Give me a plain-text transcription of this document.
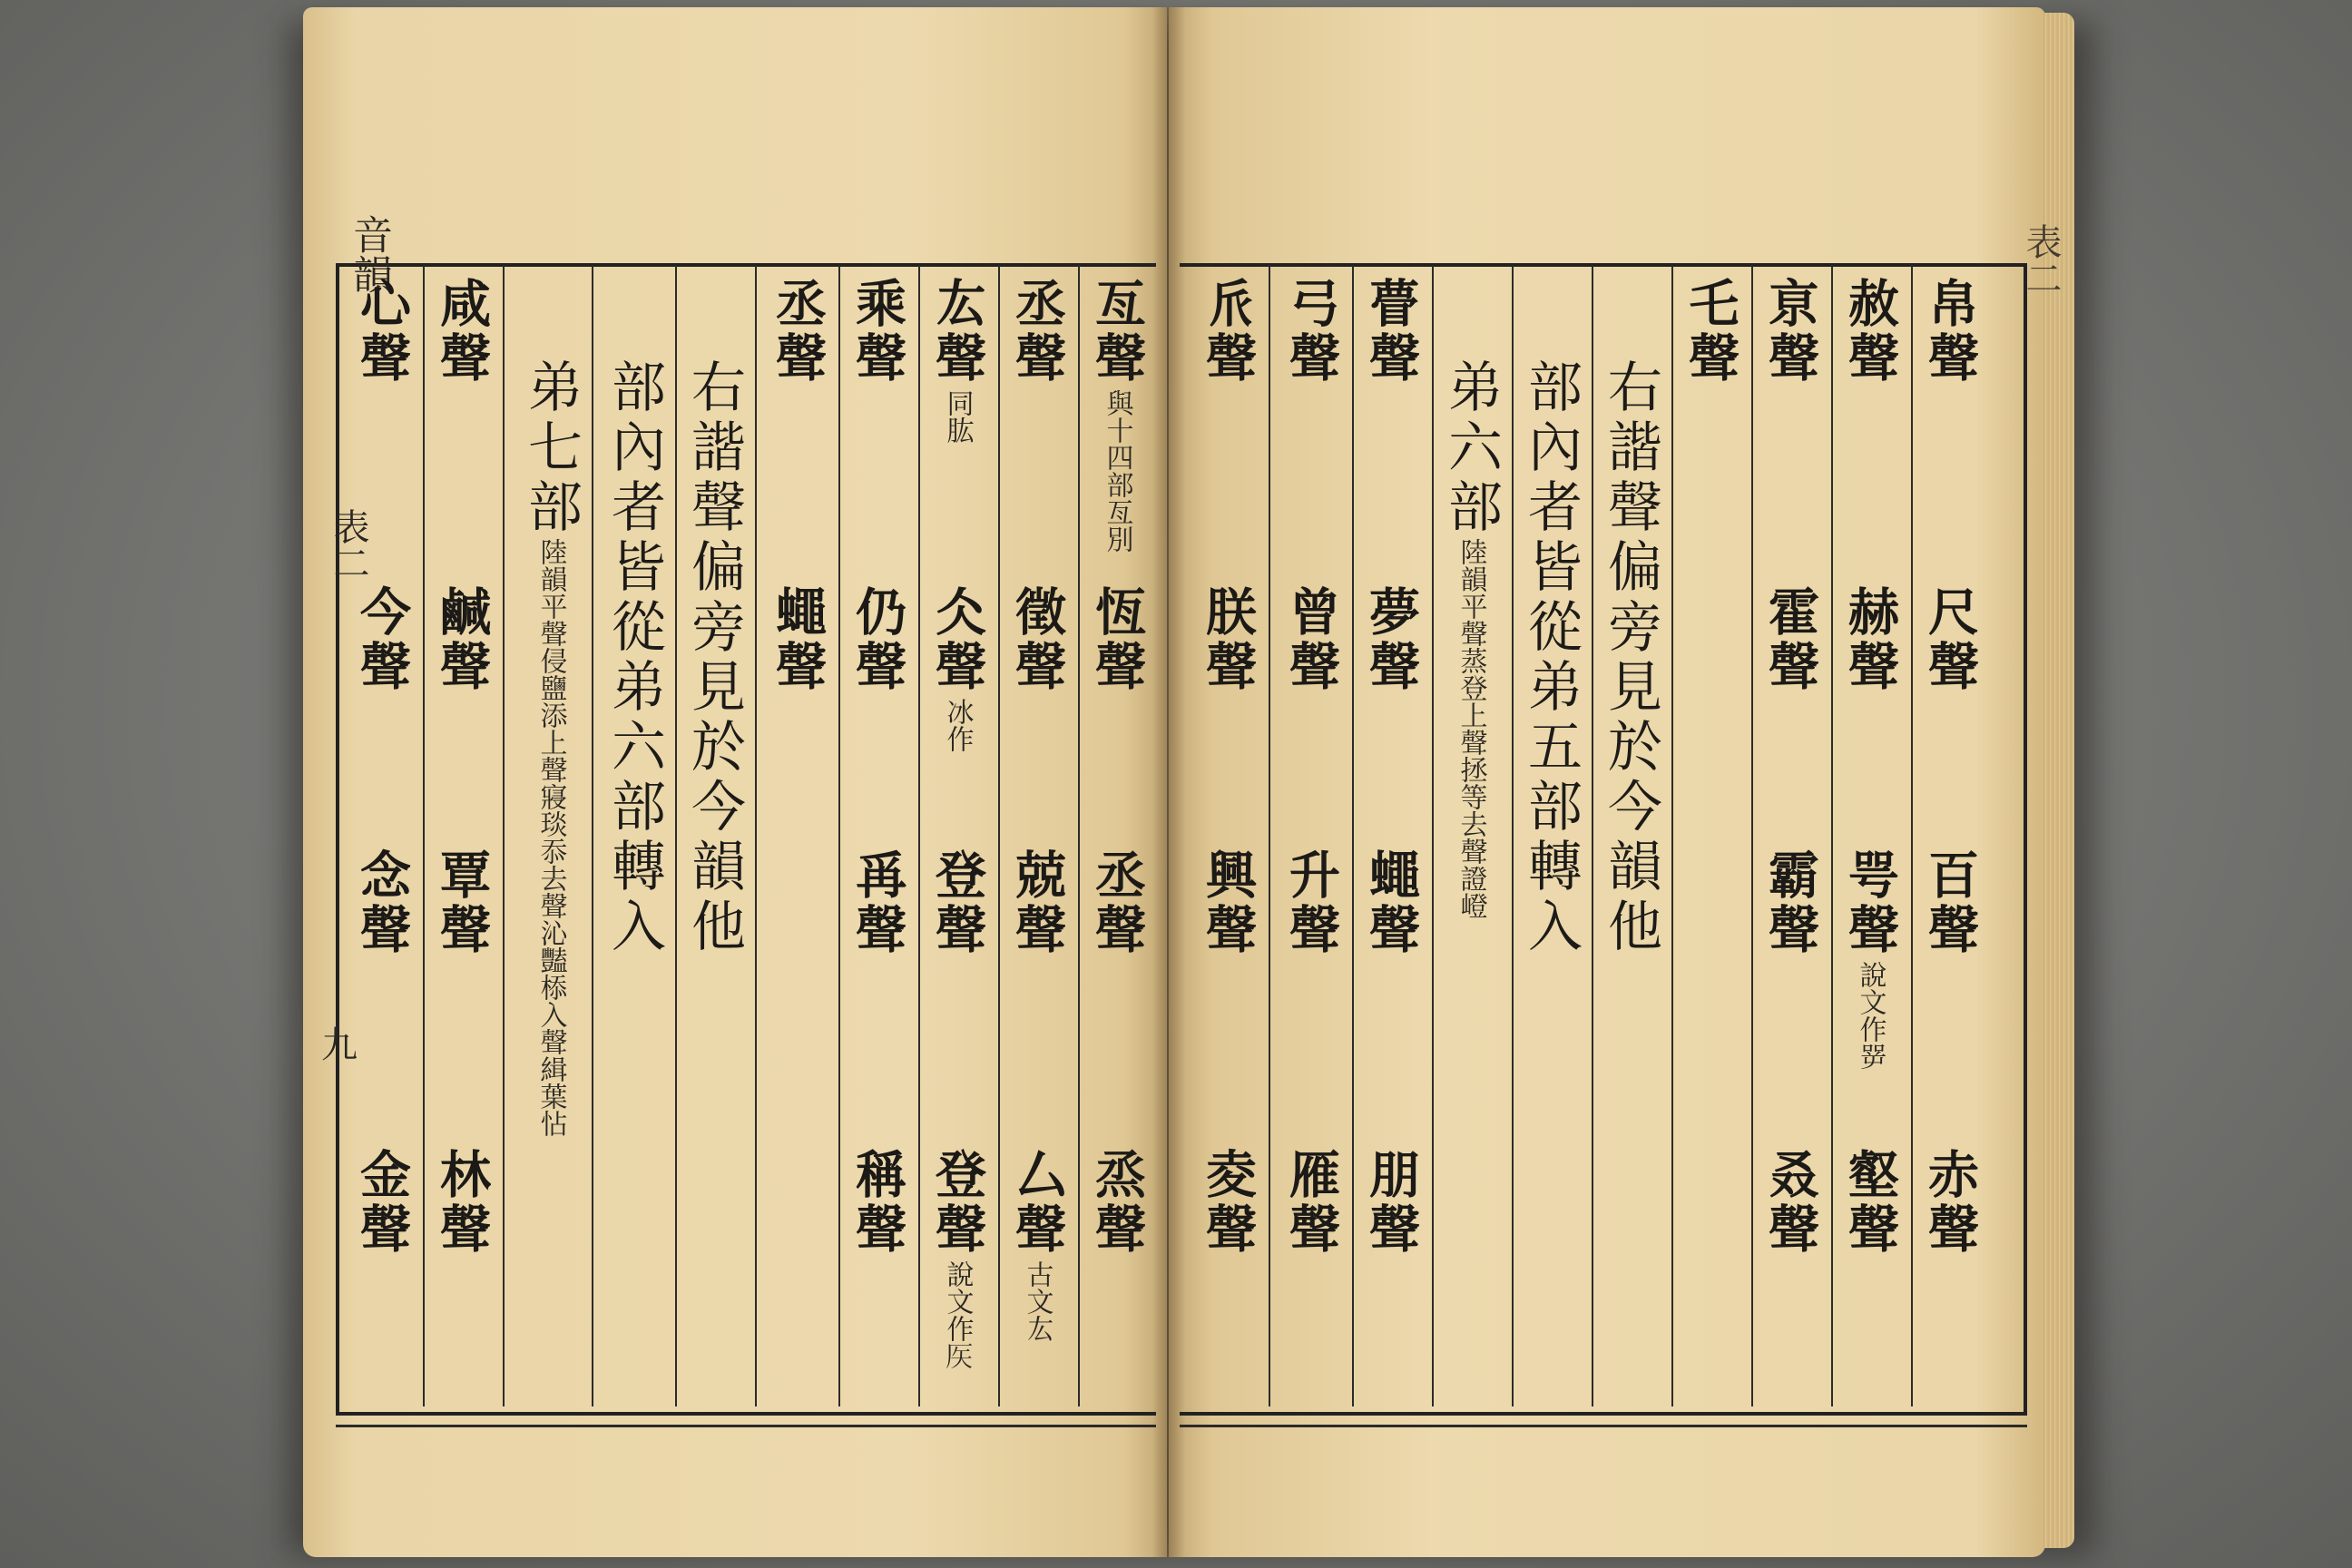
音韻
表二
九
表二
亙聲與十四部亙別
恆聲
丞聲
烝聲
丞聲
徵聲
兢聲
厶聲古文厷
厷聲同肱
仌聲冰作
登聲
登聲說文作𥎦
乘聲
仍聲
爯聲
稱聲
丞聲
蠅聲
右諧聲偏旁見於今韻他
部內者皆從弟六部轉入
弟七部
陸韻平聲侵鹽添上聲寢琰忝去聲沁豔㮇入聲緝葉怗
咸聲
鹹聲
覃聲
林聲
心聲
今聲
念聲
金聲
帛聲
尺聲
百聲
赤聲
赦聲
赫聲
咢聲說文作㖾
壑聲
亰聲
霍聲
霸聲
叒聲
乇聲
右諧聲偏旁見於今韻他
部內者皆從弟五部轉入
弟六部
陸韻平聲蒸登上聲拯等去聲證嶝
瞢聲
夢聲
蠅聲
朋聲
弓聲
曾聲
升聲
雁聲
𠂢聲
朕聲
興聲
夌聲
